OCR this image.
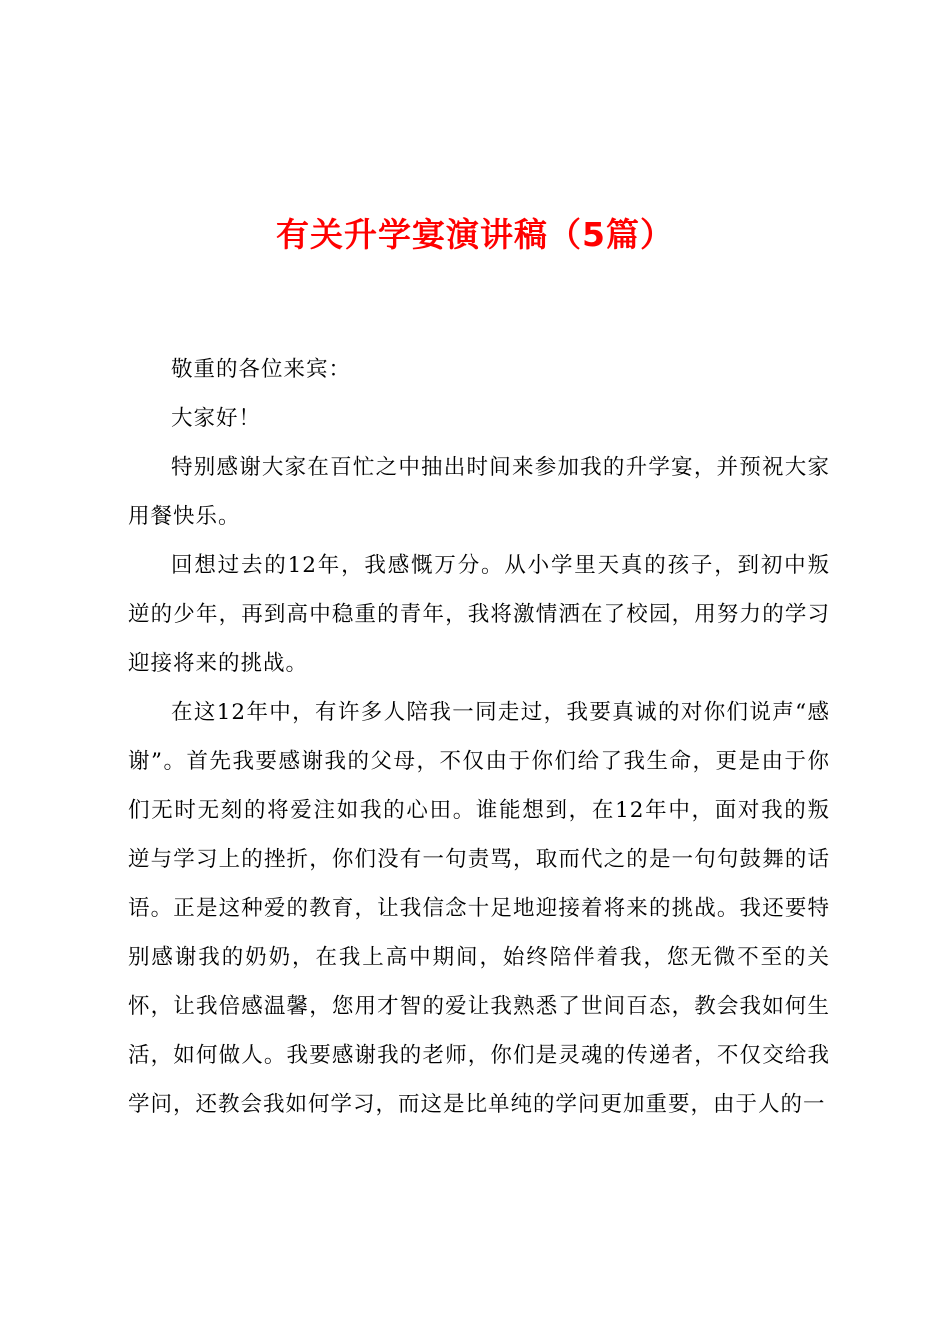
有关升学宴演讲稿（5篇）

敬重的各位来宾：

大家好！

特别感谢大家在百忙之中抽出时间来参加我的升学宴，并预祝大家用餐快乐。

回想过去的12年，我感慨万分。从小学里天真的孩子，到初中叛逆的少年，再到高中稳重的青年，我将激情洒在了校园，用努力的学习迎接将来的挑战。

在这12年中，有许多人陪我一同走过，我要真诚的对你们说声“感谢”。首先我要感谢我的父母，不仅由于你们给了我生命，更是由于你们无时无刻的将爱注如我的心田。谁能想到，在12年中，面对我的叛逆与学习上的挫折，你们没有一句责骂，取而代之的是一句句鼓舞的话语。正是这种爱的教育，让我信念十足地迎接着将来的挑战。我还要特别感谢我的奶奶，在我上高中期间，始终陪伴着我，您无微不至的关怀，让我倍感温馨，您用才智的爱让我熟悉了世间百态，教会我如何生活，如何做人。我要感谢我的老师，你们是灵魂的传递者，不仅交给我学问，还教会我如何学习，而这是比单纯的学问更加重要，由于人的一
